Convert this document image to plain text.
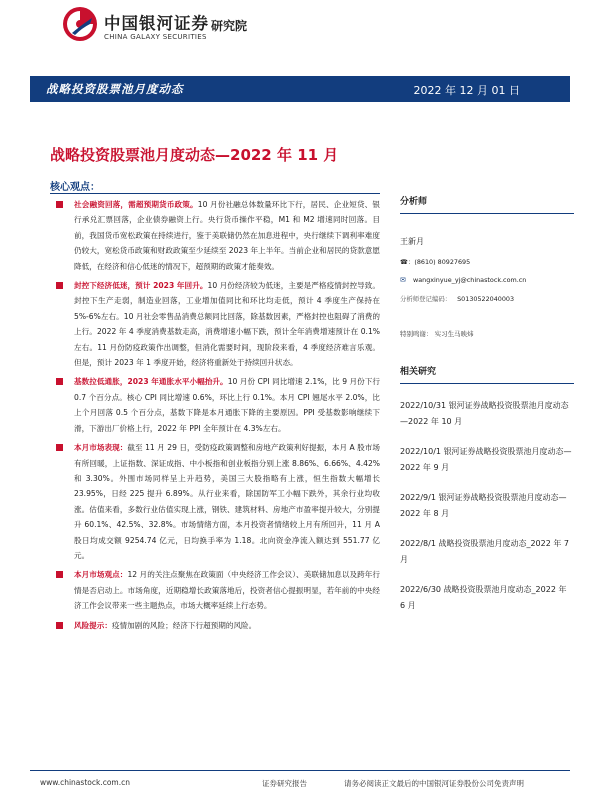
中国银河证券
CHINA GALAXY SECURITIES
研究院
战略投资股票池月度动态	2022 年 12 月 01 日
战略投资股票池月度动态—2022 年 11 月
核心观点：

社会融资回落，需超预期货币政策。10 月份社融总体数量环比下行，居民、企业短贷、银行承兑汇票回落，企业债券融资上行。央行货币操作平稳，M1 和 M2 增速同时回落。目前，我国货币宽松政策在持续进行，鉴于美联储仍然在加息进程中，央行继续下调利率难度仍较大，宽松货币政策和财政政策至少延续至 2023 年上半年。当前企业和居民的贷款意愿降低，在经济和信心低迷的情况下，超预期的政策才能奏效。

封控下经济低迷，预计 2023 年回升。10 月份经济较为低迷，主要是严格疫情封控导致。封控下生产走弱，制造业回落，工业增加值同比和环比均走低，预计 4 季度生产保持在 5%-6%左右。10 月社会零售品消费总额同比回落，除基数因素，严格封控也阻碍了消费的上行。2022 年 4 季度消费基数走高，消费增速小幅下跌，预计全年消费增速预计在 0.1%左右。11 月份防疫政策作出调整，但消化需要时间，现阶段来看，4 季度经济难言乐观。但是，预计 2023 年 1 季度开始，经济将重新处于持续回升状态。

基数拉低通胀，2023 年通胀水平小幅抬升。10 月份 CPI 同比增速 2.1%，比 9 月份下行 0.7 个百分点。核心 CPI 同比增速 0.6%，环比上行 0.1%。本月 CPI 翘尾水平 2.0%，比上个月回落 0.5 个百分点，基数下降是本月通胀下降的主要原因。PPI 受基数影响继续下滑，下游出厂价格上行，2022 年 PPI 全年预计在 4.3%左右。

本月市场表现：截至 11 月 29 日，受防疫政策调整和房地产政策利好提振，本月 A 股市场有所回暖，上证指数、深证成指、中小板指和创业板指分别上涨 8.86%、6.66%、4.42%和 3.30%。外围市场同样呈上升趋势，美国三大股指略有上涨，恒生指数大幅增长 23.95%，日经 225 提升 6.89%。从行业来看，除国防军工小幅下跌外，其余行业均收涨。估值来看，多数行业估值实现上涨，钢铁、建筑材料、房地产市盈率提升较大，分别提升 60.1%、42.5%、32.8%。市场情绪方面，本月投资者情绪较上月有所回升，11 月 A 股日均成交额 9254.74 亿元，日均换手率为 1.18。北向资金净流入额达到 551.77 亿元。

本月市场观点：12 月的关注点聚焦在政策面（中央经济工作会议）、美联储加息以及跨年行情是否启动上。市场角度，近期稳增长政策落地后，投资者信心提振明显，若年前的中央经济工作会议带来一些主题热点，市场大概率延续上行态势。

风险提示：疫情加剧的风险；经济下行超预期的风险。

分析师
王新月
☎： (8610) 80927695
✉	wangxinyue_yj@chinastock.com.cn
分析师登记编码： S0130522040003
特别鸣谢： 实习生马映炜
相关研究
2022/10/31 银河证券战略投资股票池月度动态—2022 年 10 月
2022/10/1 银河证券战略投资股票池月度动态—2022 年 9 月
2022/9/1 银河证券战略投资股票池月度动态—2022 年 8 月
2022/8/1 战略投资股票池月度动态_2022 年 7 月
2022/6/30 战略投资股票池月度动态_2022 年 6 月
www.chinastock.com.cn	证券研究报告	请务必阅读正文最后的中国银河证券股份公司免责声明
